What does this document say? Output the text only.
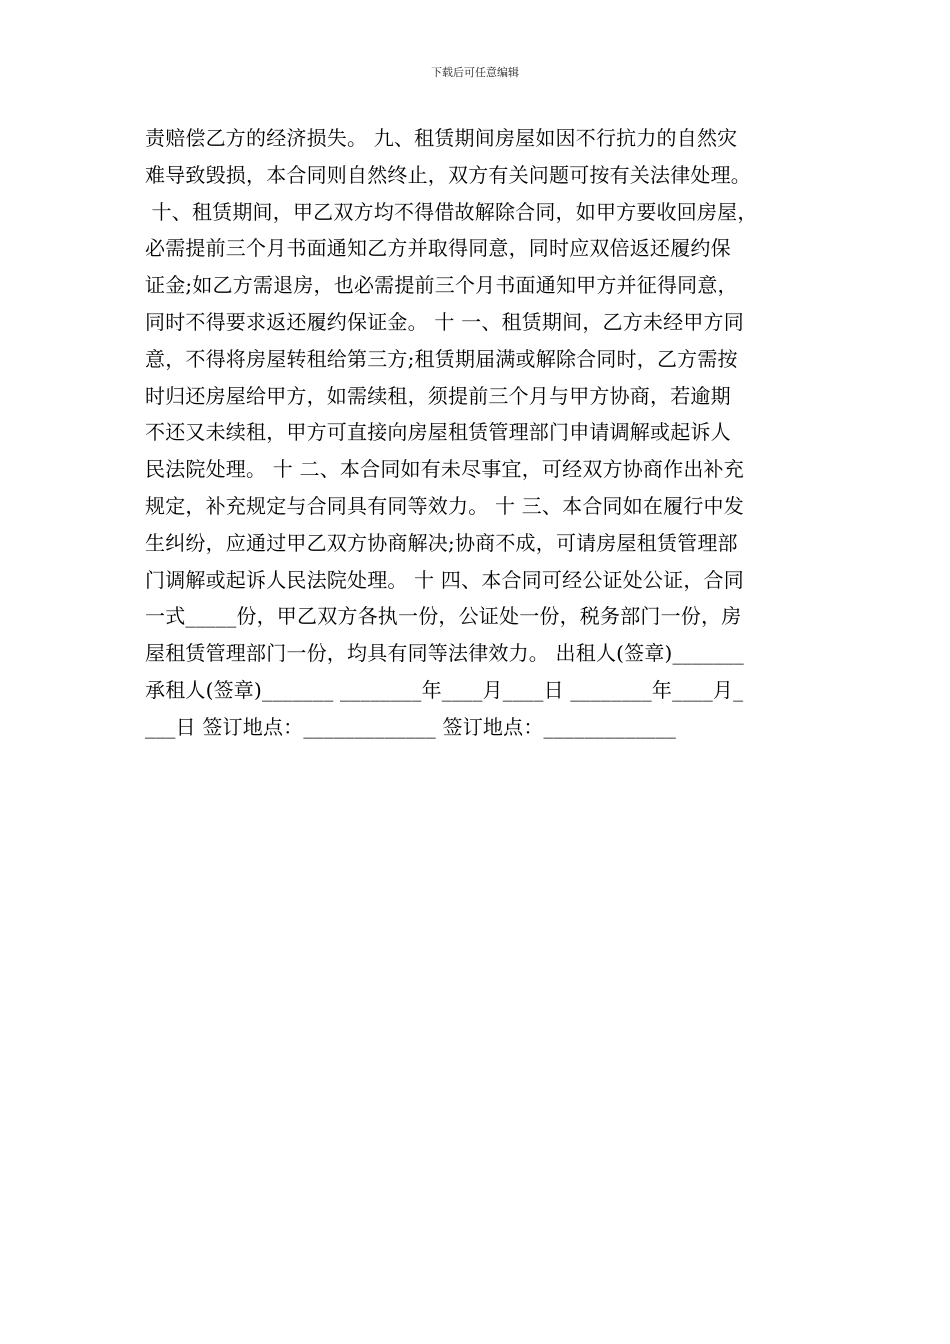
下载后可任意编辑
责赔偿乙方的经济损失。 九、租赁期间房屋如因不行抗力的自然灾
难导致毁损，本合同则自然终止，双方有关问题可按有关法律处理。
十、租赁期间，甲乙双方均不得借故解除合同，如甲方要收回房屋，
必需提前三个月书面通知乙方并取得同意，同时应双倍返还履约保
证金;如乙方需退房，也必需提前三个月书面通知甲方并征得同意，
同时不得要求返还履约保证金。 十 一、租赁期间，乙方未经甲方同
意，不得将房屋转租给第三方;租赁期届满或解除合同时，乙方需按
时归还房屋给甲方，如需续租，须提前三个月与甲方协商，若逾期
不还又未续租，甲方可直接向房屋租赁管理部门申请调解或起诉人
民法院处理。 十 二、本合同如有未尽事宜，可经双方协商作出补充
规定，补充规定与合同具有同等效力。 十 三、本合同如在履行中发
生纠纷，应通过甲乙双方协商解决;协商不成，可请房屋租赁管理部
门调解或起诉人民法院处理。 十 四、本合同可经公证处公证，合同
一式_____份，甲乙双方各执一份，公证处一份，税务部门一份，房
屋租赁管理部门一份，均具有同等法律效力。 出租人(签章)_______
承租人(签章)_______ ________年____月____日 ________年____月_
___日 签订地点：_____________ 签订地点：_____________
